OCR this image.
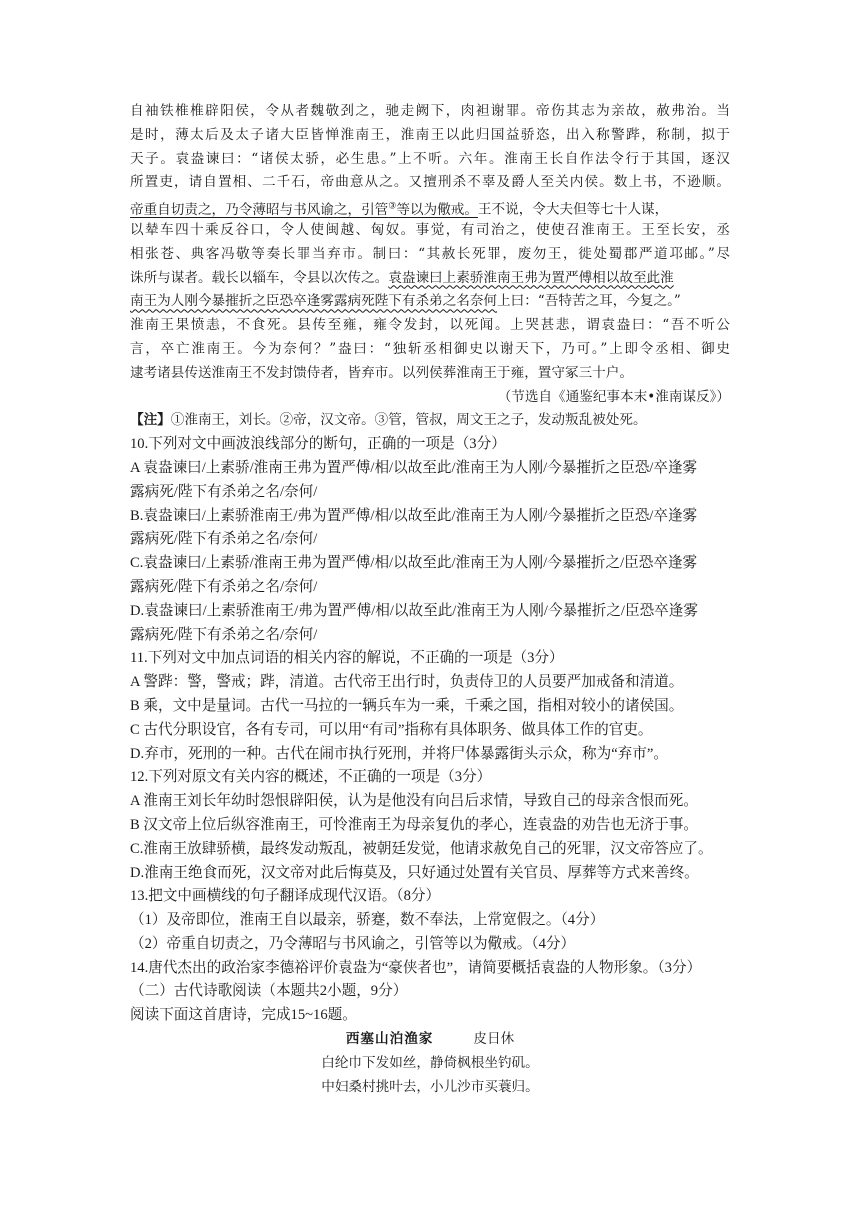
自袖铁椎椎辟阳侯，令从者魏敬刭之，驰走阙下，肉袒谢罪。帝伤其志为亲故，赦弗治。当
是时，薄太后及太子诸大臣皆惮淮南王，淮南王以此归国益骄恣，出入称警跸，称制，拟于
天子。袁盎谏曰：“诸侯太骄，必生患。”上不听。六年。淮南王长自作法令行于其国，逐汉
所置吏，请自置相、二千石，帝曲意从之。又擅刑杀不辜及爵人至关内侯。数上书，不逊顺。
帝重自切责之，乃令薄昭与书风谕之，引管③等以为儆戒。王不说，令大夫但等七十人谋，
以辇车四十乘反谷口，令人使闽越、匈奴。事觉，有司治之，使使召淮南王。王至长安，丞
相张苍、典客冯敬等奏长罪当弃市。制曰：“其赦长死罪，废勿王，徙处蜀郡严道邛邮。”尽
诛所与谋者。载长以辎车，令县以次传之。袁盎谏曰上素骄淮南王弗为置严傅相以故至此淮
南王为人刚今暴摧折之臣恐卒逢雾露病死陛下有杀弟之名奈何上曰：“吾特苦之耳，今复之。”
淮南王果愤恚，不食死。县传至雍，雍令发封，以死闻。上哭甚悲，谓袁盎曰：“吾不听公
言，卒亡淮南王。今为奈何？”盎曰：“独斩丞相御史以谢天下，乃可。”上即令丞相、御史
逮考诸县传送淮南王不发封馈侍者，皆弃市。以列侯葬淮南王于雍，置守冢三十户。
（节选自《通鉴纪事本末•淮南谋反》）
【注】①淮南王，刘长。②帝，汉文帝。③管，管叔，周文王之子，发动叛乱被处死。
10.下列对文中画波浪线部分的断句，正确的一项是（3分）
A 袁盎谏曰/上素骄/淮南王弗为置严傅/相/以故至此/淮南王为人刚/今暴摧折之臣恐/卒逢雾
露病死/陛下有杀弟之名/奈何/
B.袁盎谏曰/上素骄淮南王/弗为置严傅/相/以故至此/淮南王为人刚/今暴摧折之臣恐/卒逢雾
露病死/陛下有杀弟之名/奈何/
C.袁盎谏曰/上素骄/淮南王弗为置严傅/相/以故至此/淮南王为人刚/今暴摧折之/臣恐卒逢雾
露病死/陛下有杀弟之名/奈何/
D.袁盎谏曰/上素骄淮南王/弗为置严傅/相/以故至此/淮南王为人刚/今暴摧折之/臣恐卒逢雾
露病死/陛下有杀弟之名/奈何/
11.下列对文中加点词语的相关内容的解说，不正确的一项是（3分）
A 警跸：警，警戒；跸，清道。古代帝王出行时，负责侍卫的人员要严加戒备和清道。
B 乘，文中是量词。古代一马拉的一辆兵车为一乘，千乘之国，指相对较小的诸侯国。
C 古代分职设官，各有专司，可以用“有司”指称有具体职务、做具体工作的官吏。
D.弃市，死刑的一种。古代在闹市执行死刑，并将尸体暴露街头示众，称为“弃市”。
12.下列对原文有关内容的概述，不正确的一项是（3分）
A 淮南王刘长年幼时怨恨辟阳侯，认为是他没有向吕后求情，导致自己的母亲含恨而死。
B 汉文帝上位后纵容淮南王，可怜淮南王为母亲复仇的孝心，连袁盎的劝告也无济于事。
C.淮南王放肆骄横，最终发动叛乱，被朝廷发觉，他请求赦免自己的死罪，汉文帝答应了。
D.淮南王绝食而死，汉文帝对此后悔莫及，只好通过处置有关官员、厚葬等方式来善终。
13.把文中画横线的句子翻译成现代汉语。（8分）
（1）及帝即位，淮南王自以最亲，骄蹇，数不奉法，上常宽假之。（4分）
（2）帝重自切责之，乃令薄昭与书风谕之，引管等以为儆戒。（4分）
14.唐代杰出的政治家李德裕评价袁盎为“豪侠者也”，请简要概括袁盎的人物形象。（3分）
（二）古代诗歌阅读（本题共2小题，9分）
阅读下面这首唐诗，完成15~16题。
西塞山泊渔家	皮日休
白纶巾下发如丝，静倚枫根坐钓矶。
中妇桑村挑叶去，小儿沙市买蓑归。
